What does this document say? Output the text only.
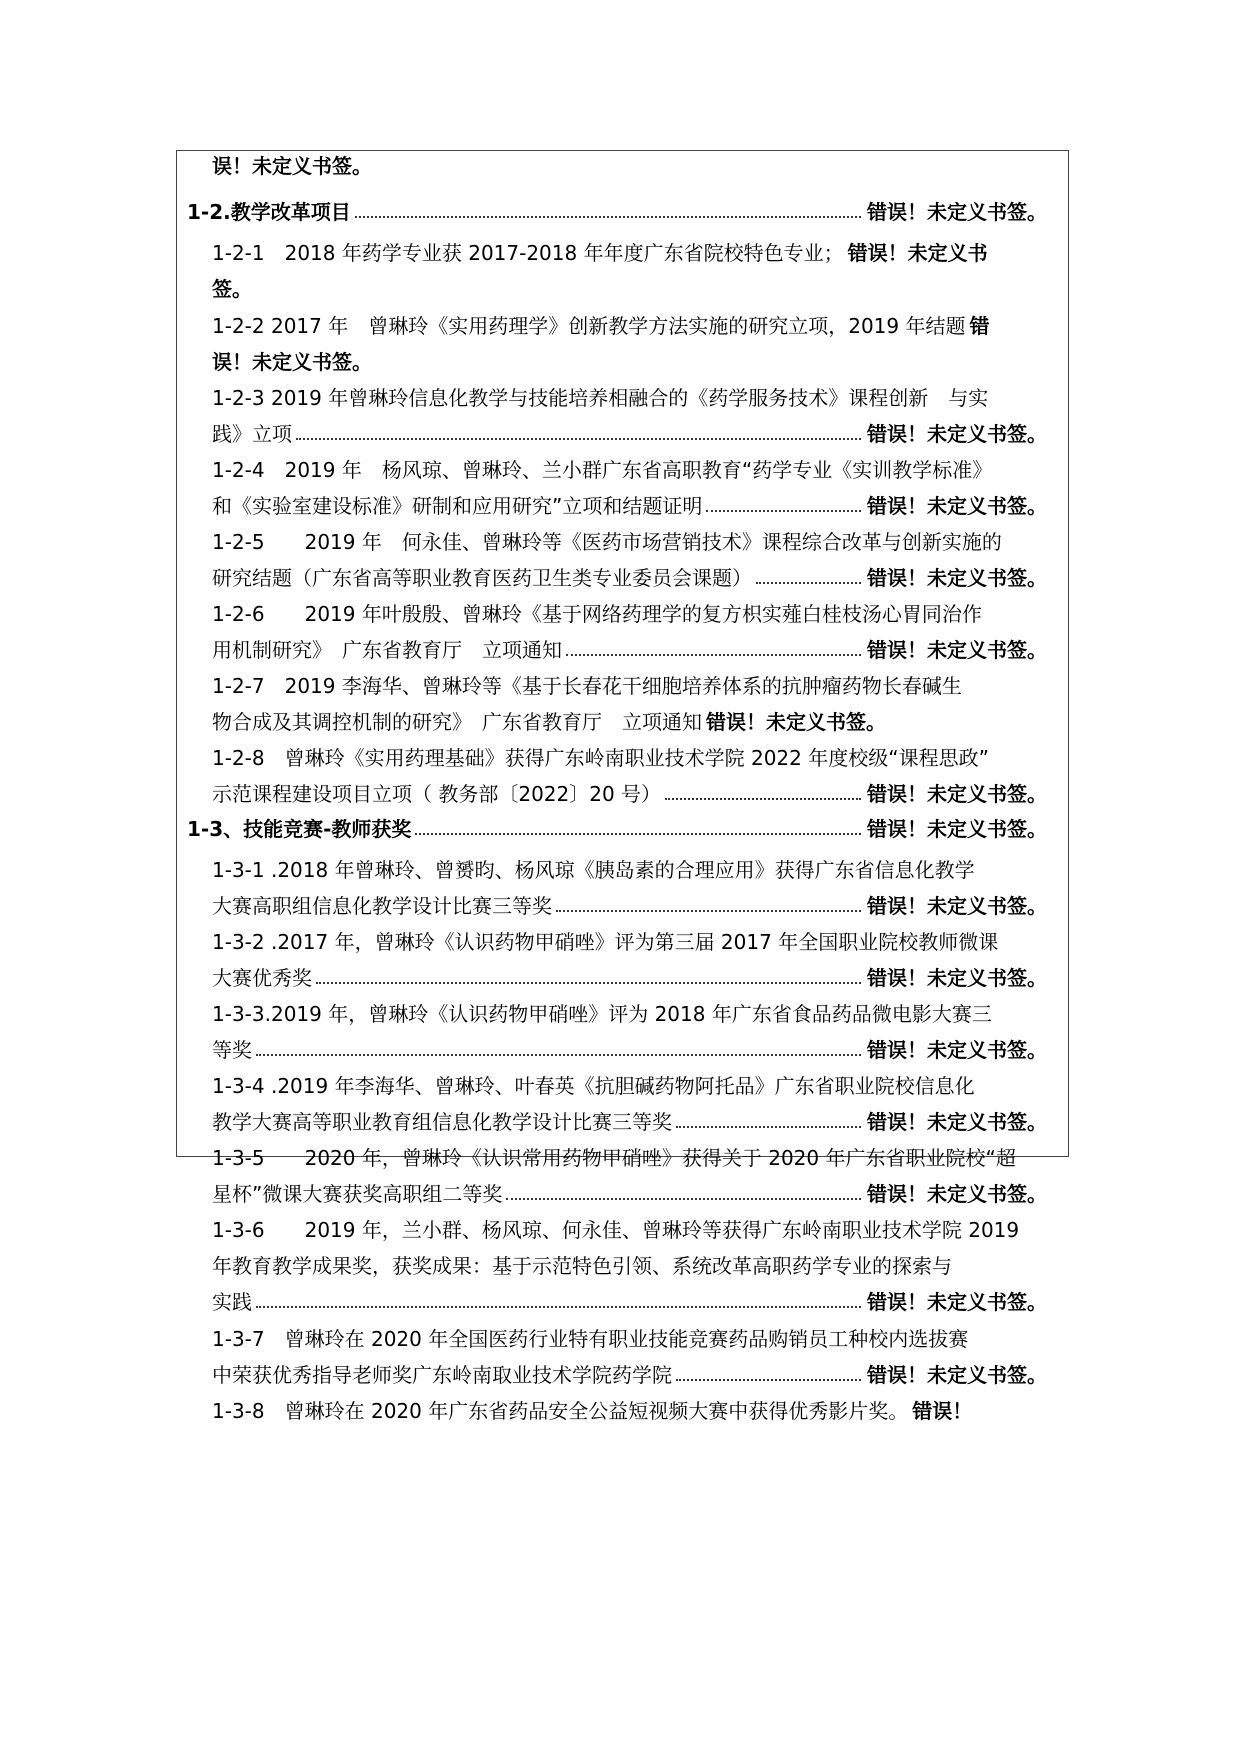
误！未定义书签。
1-2.教学改革项目	错误！未定义书签。
1-2-1　2018 年药学专业获 2017-2018 年年度广东省院校特色专业； 错误！未定义书
签。
1-2-2 2017 年　曾琳玲《实用药理学》创新教学方法实施的研究立项，2019 年结题 错
误！未定义书签。
1-2-3 2019 年曾琳玲信息化教学与技能培养相融合的《药学服务技术》课程创新　与实
践》立项	错误！未定义书签。
1-2-4　2019 年　杨风琼、曾琳玲、兰小群广东省高职教育“药学专业《实训教学标准》
和《实验室建设标准》研制和应用研究”立项和结题证明	错误！未定义书签。
1-2-5　　2019 年　何永佳、曾琳玲等《医药市场营销技术》课程综合改革与创新实施的
研究结题（广东省高等职业教育医药卫生类专业委员会课题）	错误！未定义书签。
1-2-6　　2019 年叶殷殷、曾琳玲《基于网络药理学的复方枳实薤白桂枝汤心胃同治作
用机制研究》　广东省教育厅　立项通知	错误！未定义书签。
1-2-7　2019 李海华、曾琳玲等《基于长春花干细胞培养体系的抗肿瘤药物长春碱生
物合成及其调控机制的研究》　广东省教育厅　立项通知 错误！未定义书签。
1-2-8　曾琳玲《实用药理基础》获得广东岭南职业技术学院 2022 年度校级“课程思政”
示范课程建设项目立项（ 教务部〔2022〕20 号）	错误！未定义书签。
1-3、技能竞赛-教师获奖	错误！未定义书签。
1-3-1 .2018 年曾琳玲、曾赟昀、杨风琼《胰岛素的合理应用》获得广东省信息化教学
大赛高职组信息化教学设计比赛三等奖	错误！未定义书签。
1-3-2 .2017 年，曾琳玲《认识药物甲硝唑》评为第三届 2017 年全国职业院校教师微课
大赛优秀奖	错误！未定义书签。
1-3-3.2019 年，曾琳玲《认识药物甲硝唑》评为 2018 年广东省食品药品微电影大赛三
等奖	错误！未定义书签。
1-3-4 .2019 年李海华、曾琳玲、叶春英《抗胆碱药物阿托品》广东省职业院校信息化
教学大赛高等职业教育组信息化教学设计比赛三等奖	错误！未定义书签。
1-3-5　　2020 年，曾琳玲《认识常用药物甲硝唑》获得关于 2020 年广东省职业院校“超
星杯”微课大赛获奖高职组二等奖	错误！未定义书签。
1-3-6　　2019 年，兰小群、杨风琼、何永佳、曾琳玲等获得广东岭南职业技术学院 2019
年教育教学成果奖，获奖成果：基于示范特色引领、系统改革高职药学专业的探索与
实践	错误！未定义书签。
1-3-7　曾琳玲在 2020 年全国医药行业特有职业技能竞赛药品购销员工种校内选拔赛
中荣获优秀指导老师奖广东岭南取业技术学院药学院	错误！未定义书签。
1-3-8　曾琳玲在 2020 年广东省药品安全公益短视频大赛中获得优秀影片奖。 错误！
